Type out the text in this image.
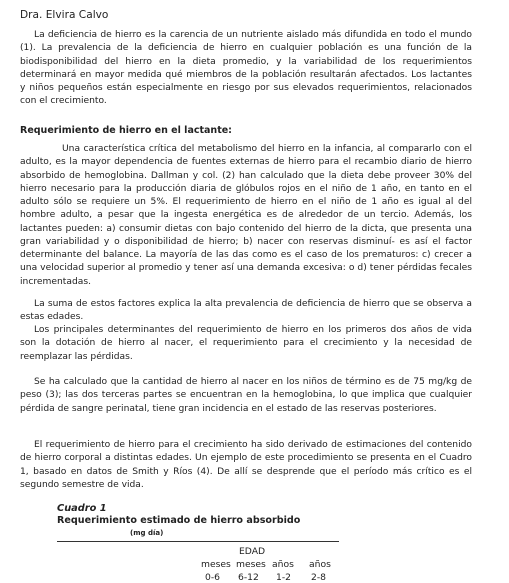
Dra. Elvira Calvo

La deficiencia de hierro es la carencia de un nutriente aislado más difundida en todo el mundo (1). La prevalencia de la deficiencia de hierro en cualquier población es una función de la biodisponibilidad del hierro en la dieta promedio, y la variabilidad de los requerimientos determinará en mayor medida qué miembros de la población resultarán afectados. Los lactantes y niños pequeños están especialmente en riesgo por sus elevados requerimientos, relacionados con el crecimiento.

Requerimiento de hierro en el lactante:

Una característica crítica del metabolismo del hierro en la infancia, al compararlo con el adulto, es la mayor dependencia de fuentes externas de hierro para el recambio diario de hierro absorbido de hemoglobina. Dallman y col. (2) han calculado que la dieta debe proveer 30% del hierro necesario para la producción diaria de glóbulos rojos en el niño de 1 año, en tanto en el adulto sólo se requiere un 5%. El requerimiento de hierro en el niño de 1 año es igual al del hombre adulto, a pesar que la ingesta energética es de alrededor de un tercio. Además, los lactantes pueden: a) consumir dietas con bajo contenido del hierro de la dicta, que presenta una gran variabilidad y o disponibilidad de hierro; b) nacer con reservas disminuí- es así el factor determinante del balance. La mayoría de las das como es el caso de los prematuros: c) crecer a una velocidad superior al promedio y tener así una demanda excesiva: o d) tener pérdidas fecales incrementadas.

La suma de estos factores explica la alta prevalencia de deficiencia de hierro que se observa a estas edades.

Los principales determinantes del requerimiento de hierro en los primeros dos años de vida son la dotación de hierro al nacer, el requerimiento para el crecimiento y la necesidad de reemplazar las pérdidas.

Se ha calculado que la cantidad de hierro al nacer en los niños de término es de 75 mg/kg de peso (3); las dos terceras partes se encuentran en la hemoglobina, lo que implica que cualquier pérdida de sangre perinatal, tiene gran incidencia en el estado de las reservas posteriores.

El requerimiento de hierro para el crecimiento ha sido derivado de estimaciones del contenido de hierro corporal a distintas edades. Un ejemplo de este procedimiento se presenta en el Cuadro 1, basado en datos de Smith y Ríos (4). De allí se desprende que el período más crítico es el segundo semestre de vida.

Cuadro 1
Requerimiento estimado de hierro absorbido
(mg día)
EDAD
meses meses años años
0-6 6-12 1-2 2-8
